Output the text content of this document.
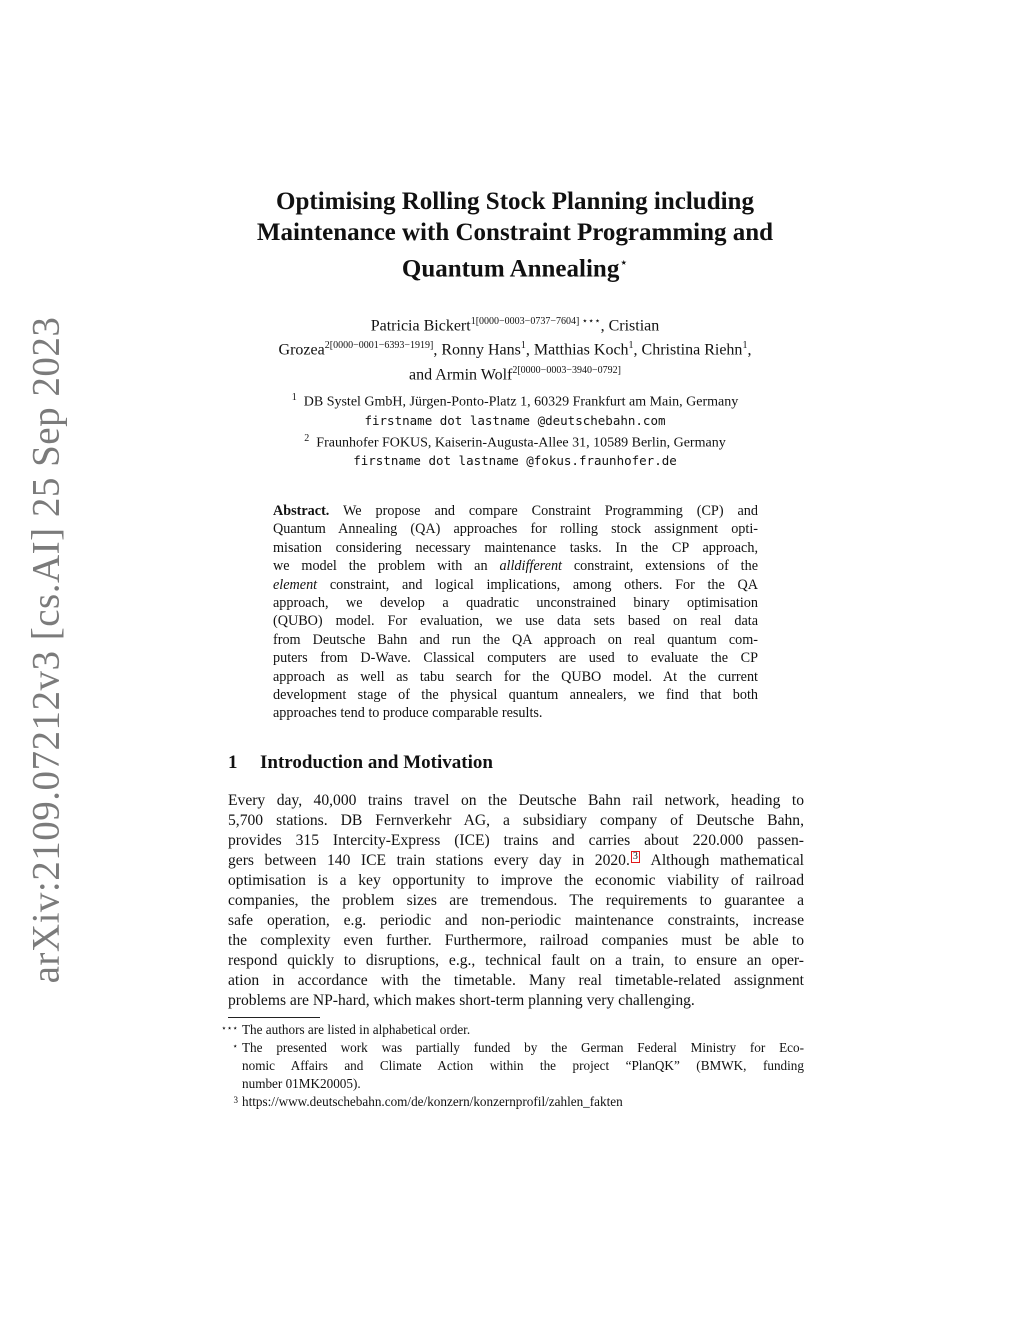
arXiv:2109.07212v3 [cs.AI] 25 Sep 2023
Optimising Rolling Stock Planning including
Maintenance with Constraint Programming and
Quantum Annealing⋆
Patricia Bickert$^{1[0000-0003-0737-7604]}$ ⋆⋆⋆, Cristian
Grozea$^{2[0000-0001-6393-1919]}$, Ronny Hans$^1$, Matthias Koch$^1$, Christina Riehn$^1$,
and Armin Wolf$^{2[0000-0003-3940-0792]}$
$^1$ DB Systel GmbH, Jürgen-Ponto-Platz 1, 60329 Frankfurt am Main, Germany
firstname dot lastname @deutschebahn.com
$^2$ Fraunhofer FOKUS, Kaiserin-Augusta-Allee 31, 10589 Berlin, Germany
firstname dot lastname @fokus.fraunhofer.de
Abstract. We propose and compare Constraint Programming (CP) and
Quantum Annealing (QA) approaches for rolling stock assignment opti-
misation considering necessary maintenance tasks. In the CP approach,
we model the problem with an alldifferent constraint, extensions of the
element constraint, and logical implications, among others. For the QA
approach, we develop a quadratic unconstrained binary optimisation
(QUBO) model. For evaluation, we use data sets based on real data
from Deutsche Bahn and run the QA approach on real quantum com-
puters from D-Wave. Classical computers are used to evaluate the CP
approach as well as tabu search for the QUBO model. At the current
development stage of the physical quantum annealers, we find that both
approaches tend to produce comparable results.
1 Introduction and Motivation
Every day, 40,000 trains travel on the Deutsche Bahn rail network, heading to
5,700 stations. DB Fernverkehr AG, a subsidiary company of Deutsche Bahn,
provides 315 Intercity-Express (ICE) trains and carries about 220.000 passen-
gers between 140 ICE train stations every day in 2020. 3 Although mathematical
optimisation is a key opportunity to improve the economic viability of railroad
companies, the problem sizes are tremendous. The requirements to guarantee a
safe operation, e.g. periodic and non-periodic maintenance constraints, increase
the complexity even further. Furthermore, railroad companies must be able to
respond quickly to disruptions, e.g., technical fault on a train, to ensure an oper-
ation in accordance with the timetable. Many real timetable-related assignment
problems are NP-hard, which makes short-term planning very challenging.
⋆⋆⋆ The authors are listed in alphabetical order.
⋆ The presented work was partially funded by the German Federal Ministry for Eco-
nomic Affairs and Climate Action within the project “PlanQK” (BMWK, funding
number 01MK20005).
3 https://www.deutschebahn.com/de/konzern/konzernprofil/zahlen_fakten
